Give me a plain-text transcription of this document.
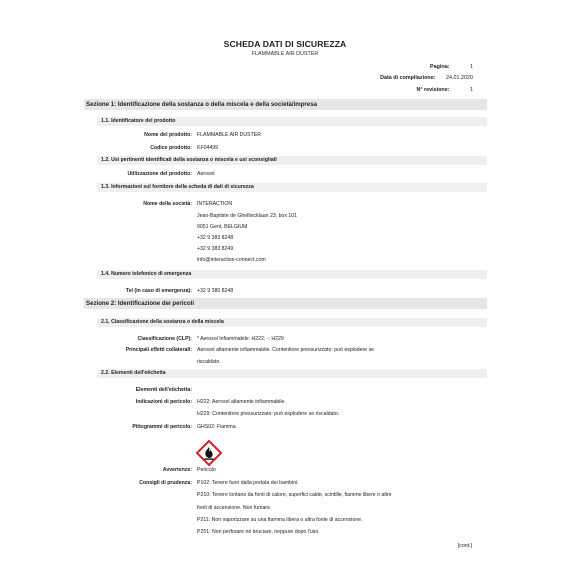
SCHEDA DATI DI SICUREZZA
FLAMMABLE AIR DUSTER
Pagina:	1
Data di compilazione: 24.01.2020
N° revisione:	1
Sezione 1: Identificazione della sostanza o della miscela e della società/impresa
1.1. Identificatore del prodotto
Nome del prodotto: FLAMMABLE AIR DUSTER
Codice prodotto: KF04499
1.2. Usi pertinenti identificati della sostanza o miscela e usi sconsigliati
Utilizzazione del prodotto: Aerosol
1.3. Informazioni sul fornitore della scheda di dati di sicurezza
Nome della società: INTERACTION
Jean-Baptiste de Ghellincklaan 23, box 101
9051 Gent, BELGIUM
+32 9 383 8248
+32 9 383 8249
info@interaction-connect.com
1.4. Numero telefonico di emergenza
Tel (in caso di emergenza): +32 9 380 8248
Sezione 2: Identificazione dei pericoli
2.1. Classificazione della sostanza o della miscela
Classificazione (CLP): * Aerosol Infiammabile: H222; -: H229
Principali effetti collaterali: Aerosol altamente infiammabile. Contenitore pressurizzato: può esplodere se
riscaldato.
2.2. Elementi dell'etichetta
Elementi dell'etichetta:
Indicazioni di pericolo: H222: Aerosol altamente infiammabile.
H229: Contenitore pressurizzato: può esplodere se riscaldato.
Pittogrammi di pericolo: GHS02: Fiamma
Avvertenze: Pericolo
Consigli di prudenza: P102: Tenere fuori dalla portata dei bambini.
P210: Tenere lontano da fonti di calore, superfici calde, scintille, fiamme libere o altre
fonti di accensione. Non fumare.
P211: Non vaporizzare su una fiamma libera o altra fonte di accensione.
P251: Non perforare né bruciare, neppure dopo l'uso.
[cont.]
